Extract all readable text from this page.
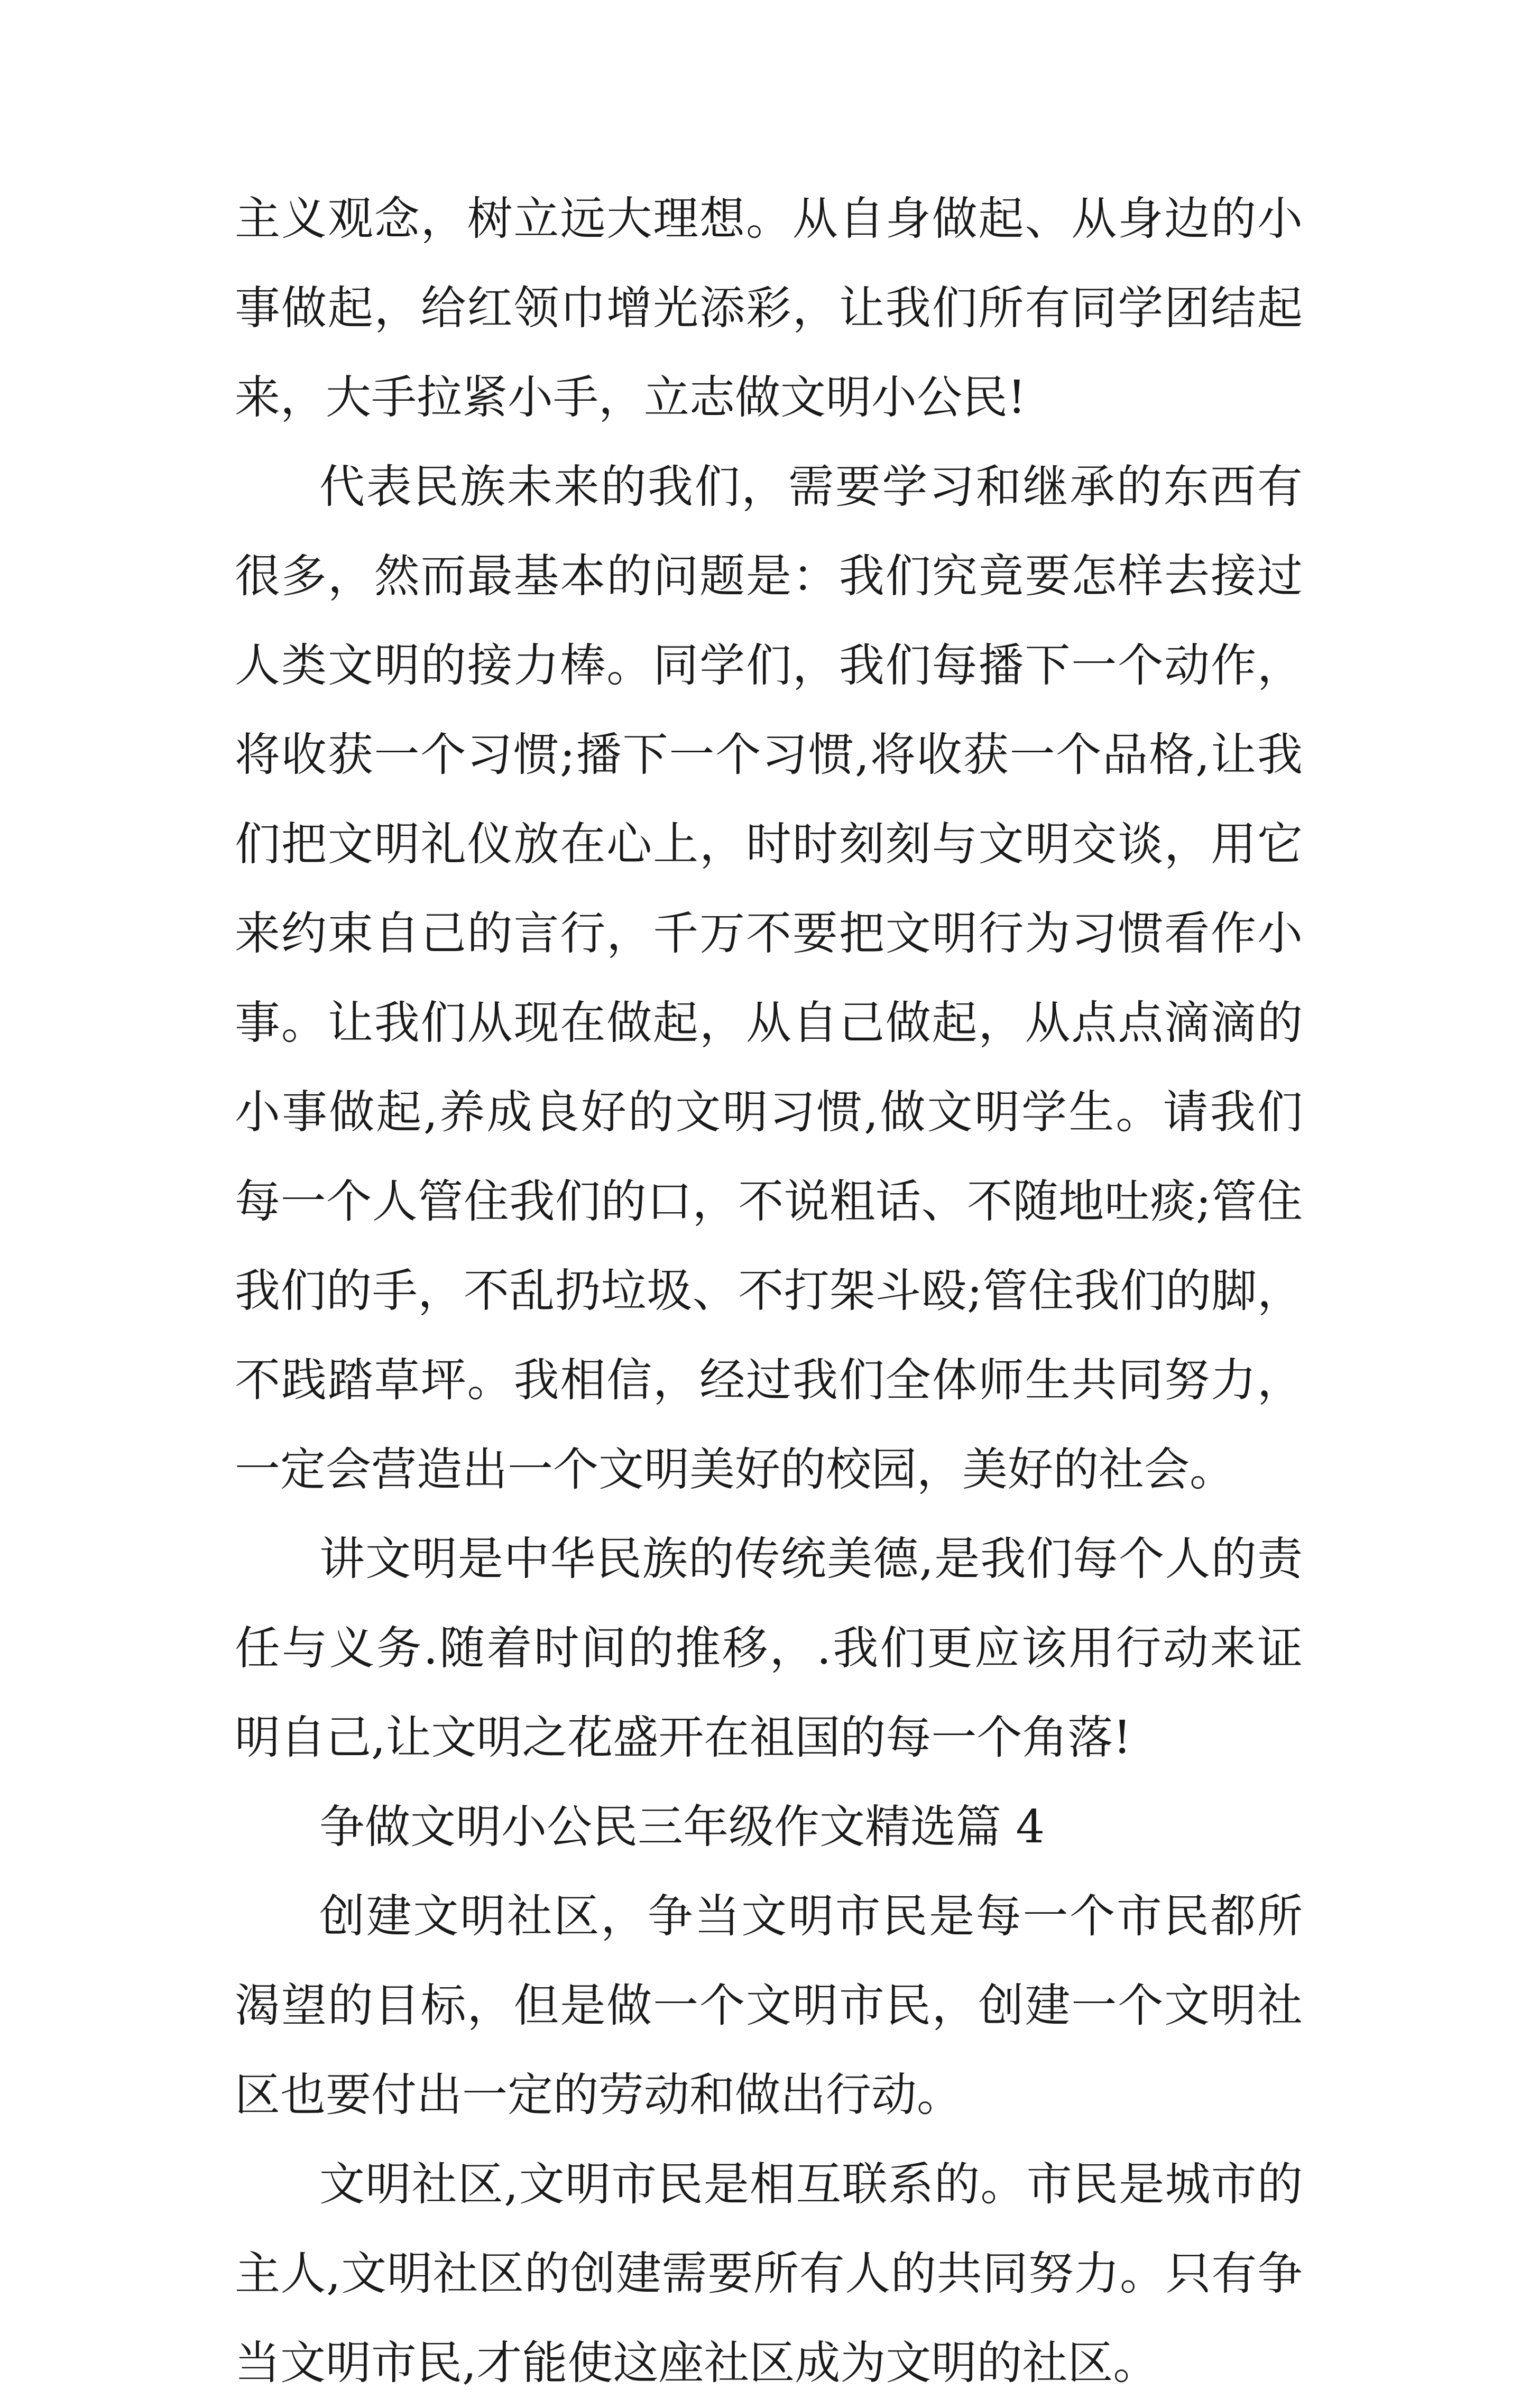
主义观念，树立远大理想。从自身做起、从身边的小事做起，给红领巾增光添彩，让我们所有同学团结起来，大手拉紧小手，立志做文明小公民!

代表民族未来的我们，需要学习和继承的东西有很多，然而最基本的问题是：我们究竟要怎样去接过人类文明的接力棒。同学们，我们每播下一个动作，将收获一个习惯;播下一个习惯,将收获一个品格,让我们把文明礼仪放在心上，时时刻刻与文明交谈，用它来约束自己的言行，千万不要把文明行为习惯看作小事。让我们从现在做起，从自己做起，从点点滴滴的小事做起,养成良好的文明习惯,做文明学生。请我们每一个人管住我们的口，不说粗话、不随地吐痰;管住我们的手，不乱扔垃圾、不打架斗殴;管住我们的脚，不践踏草坪。我相信，经过我们全体师生共同努力，一定会营造出一个文明美好的校园，美好的社会。

讲文明是中华民族的传统美德,是我们每个人的责任与义务.随着时间的推移，.我们更应该用行动来证明自己,让文明之花盛开在祖国的每一个角落!

争做文明小公民三年级作文精选篇 4

创建文明社区，争当文明市民是每一个市民都所渴望的目标，但是做一个文明市民，创建一个文明社区也要付出一定的劳动和做出行动。

文明社区,文明市民是相互联系的。市民是城市的主人,文明社区的创建需要所有人的共同努力。只有争当文明市民,才能使这座社区成为文明的社区。
